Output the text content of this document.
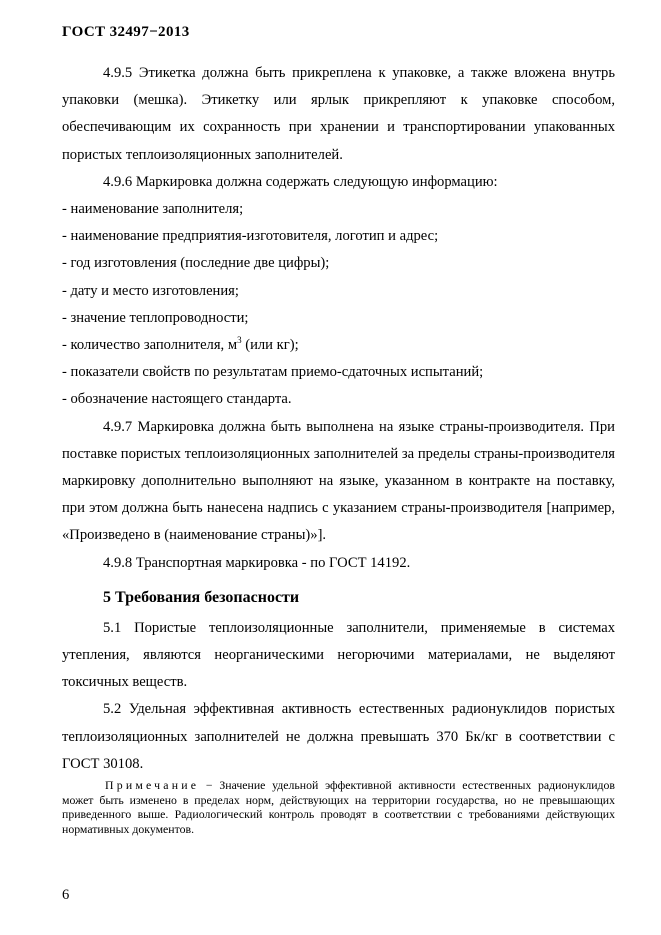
ГОСТ 32497−2013

4.9.5 Этикетка должна быть прикреплена к упаковке, а также вложена внутрь упаковки (мешка). Этикетку или ярлык прикрепляют к упаковке способом, обеспечивающим их сохранность при хранении и транспортировании упакованных пористых теплоизоляционных заполнителей.

4.9.6 Маркировка должна содержать следующую информацию:

- наименование заполнителя;

- наименование предприятия-изготовителя, логотип и адрес;

- год изготовления (последние две цифры);

- дату и место изготовления;

- значение теплопроводности;

- количество заполнителя, $м^3$ (или кг);

- показатели свойств по результатам приемо-сдаточных испытаний;

- обозначение настоящего стандарта.

4.9.7 Маркировка должна быть выполнена на языке страны-производителя. При поставке пористых теплоизоляционных заполнителей за пределы страны-производителя маркировку дополнительно выполняют на языке, указанном в контракте на поставку, при этом должна быть нанесена надпись с указанием страны-производителя [например, «Произведено в (наименование страны)»].

4.9.8 Транспортная маркировка ‑ по ГОСТ 14192.

5 Требования безопасности

5.1 Пористые теплоизоляционные заполнители, применяемые в системах утепления, являются неорганическими негорючими материалами, не выделяют токсичных веществ.

5.2 Удельная эффективная активность естественных радионуклидов пористых теплоизоляционных заполнителей не должна превышать 370 Бк/кг в соответствии с ГОСТ 30108.

Примечание − Значение удельной эффективной активности естественных радионуклидов может быть изменено в пределах норм, действующих на территории государства, но не превышающих приведенного выше. Радиологический контроль проводят в соответствии с требованиями действующих нормативных документов.

6
